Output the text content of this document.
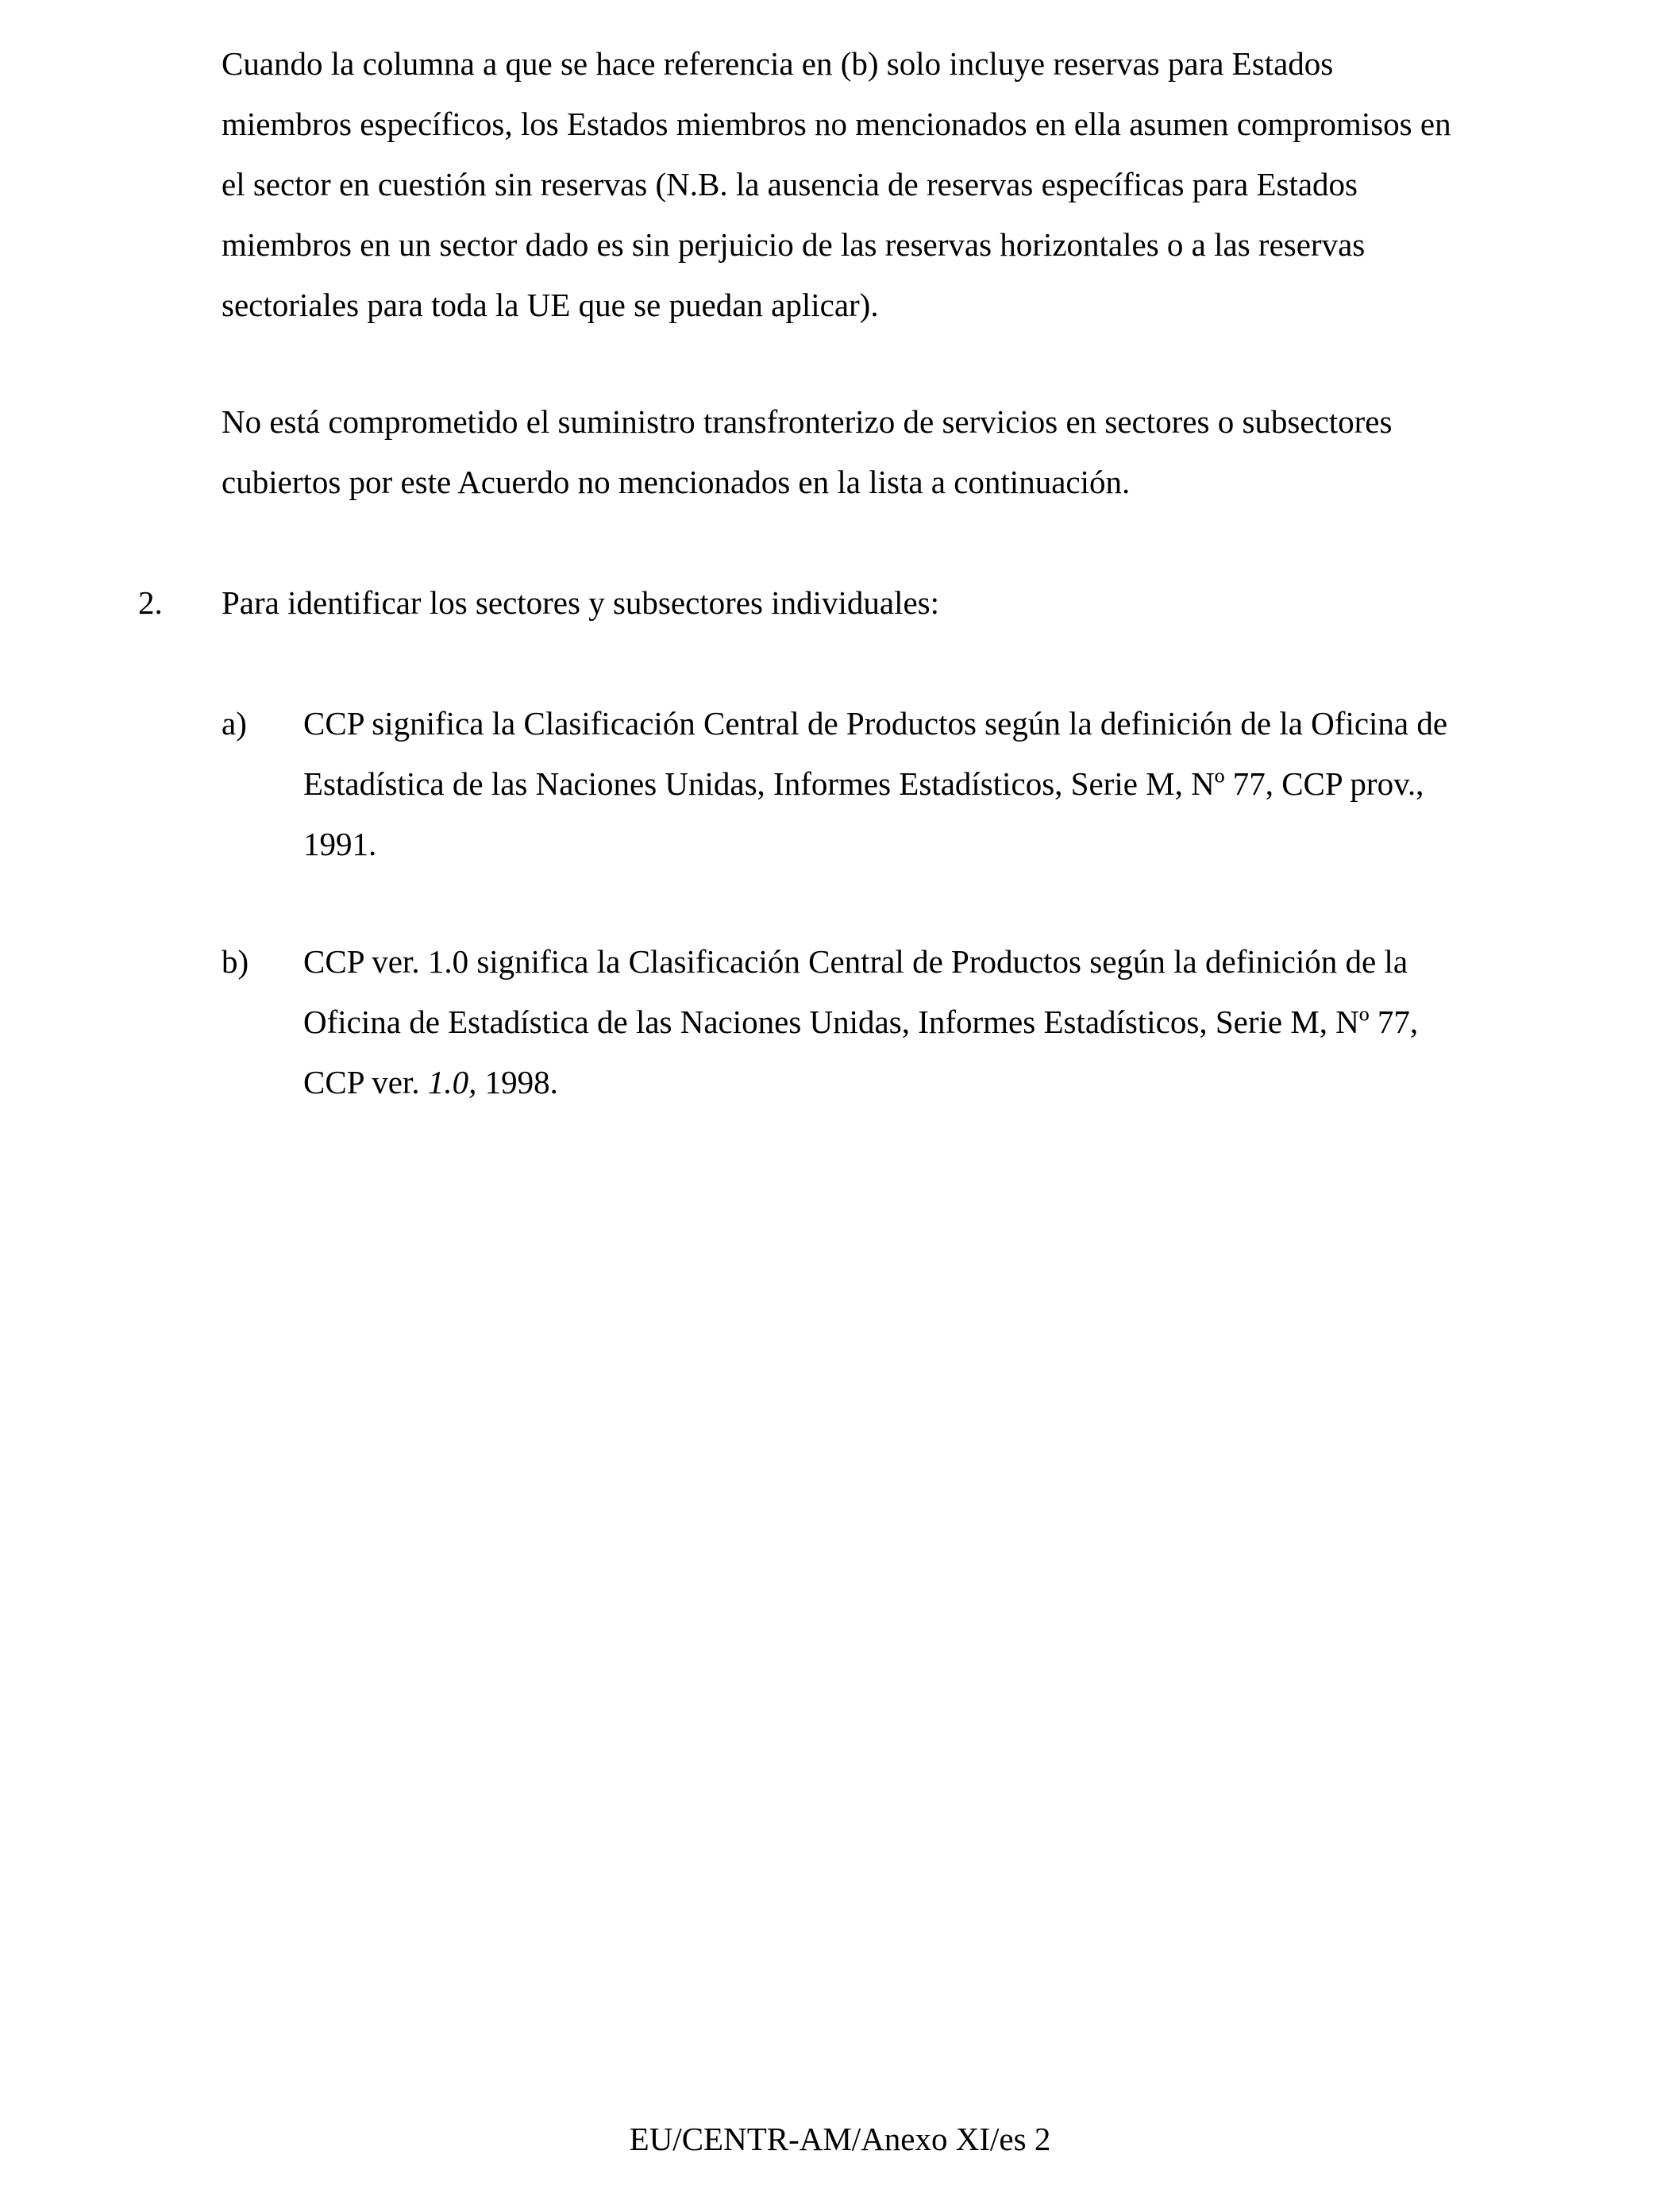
Cuando la columna a que se hace referencia en (b) solo incluye reservas para Estados
miembros específicos, los Estados miembros no mencionados en ella asumen compromisos en
el sector en cuestión sin reservas (N.B. la ausencia de reservas específicas para Estados
miembros en un sector dado es sin perjuicio de las reservas horizontales o a las reservas
sectoriales para toda la UE que se puedan aplicar).

No está comprometido el suministro transfronterizo de servicios en sectores o subsectores
cubiertos por este Acuerdo no mencionados en la lista a continuación.

2. Para identificar los sectores y subsectores individuales:

a) CCP significa la Clasificación Central de Productos según la definición de la Oficina de
Estadística de las Naciones Unidas, Informes Estadísticos, Serie M, Nº 77, CCP prov.,
1991.

b) CCP ver. 1.0 significa la Clasificación Central de Productos según la definición de la
Oficina de Estadística de las Naciones Unidas, Informes Estadísticos, Serie M, Nº 77,
CCP ver. 1.0, 1998.

EU/CENTR-AM/Anexo XI/es 2
